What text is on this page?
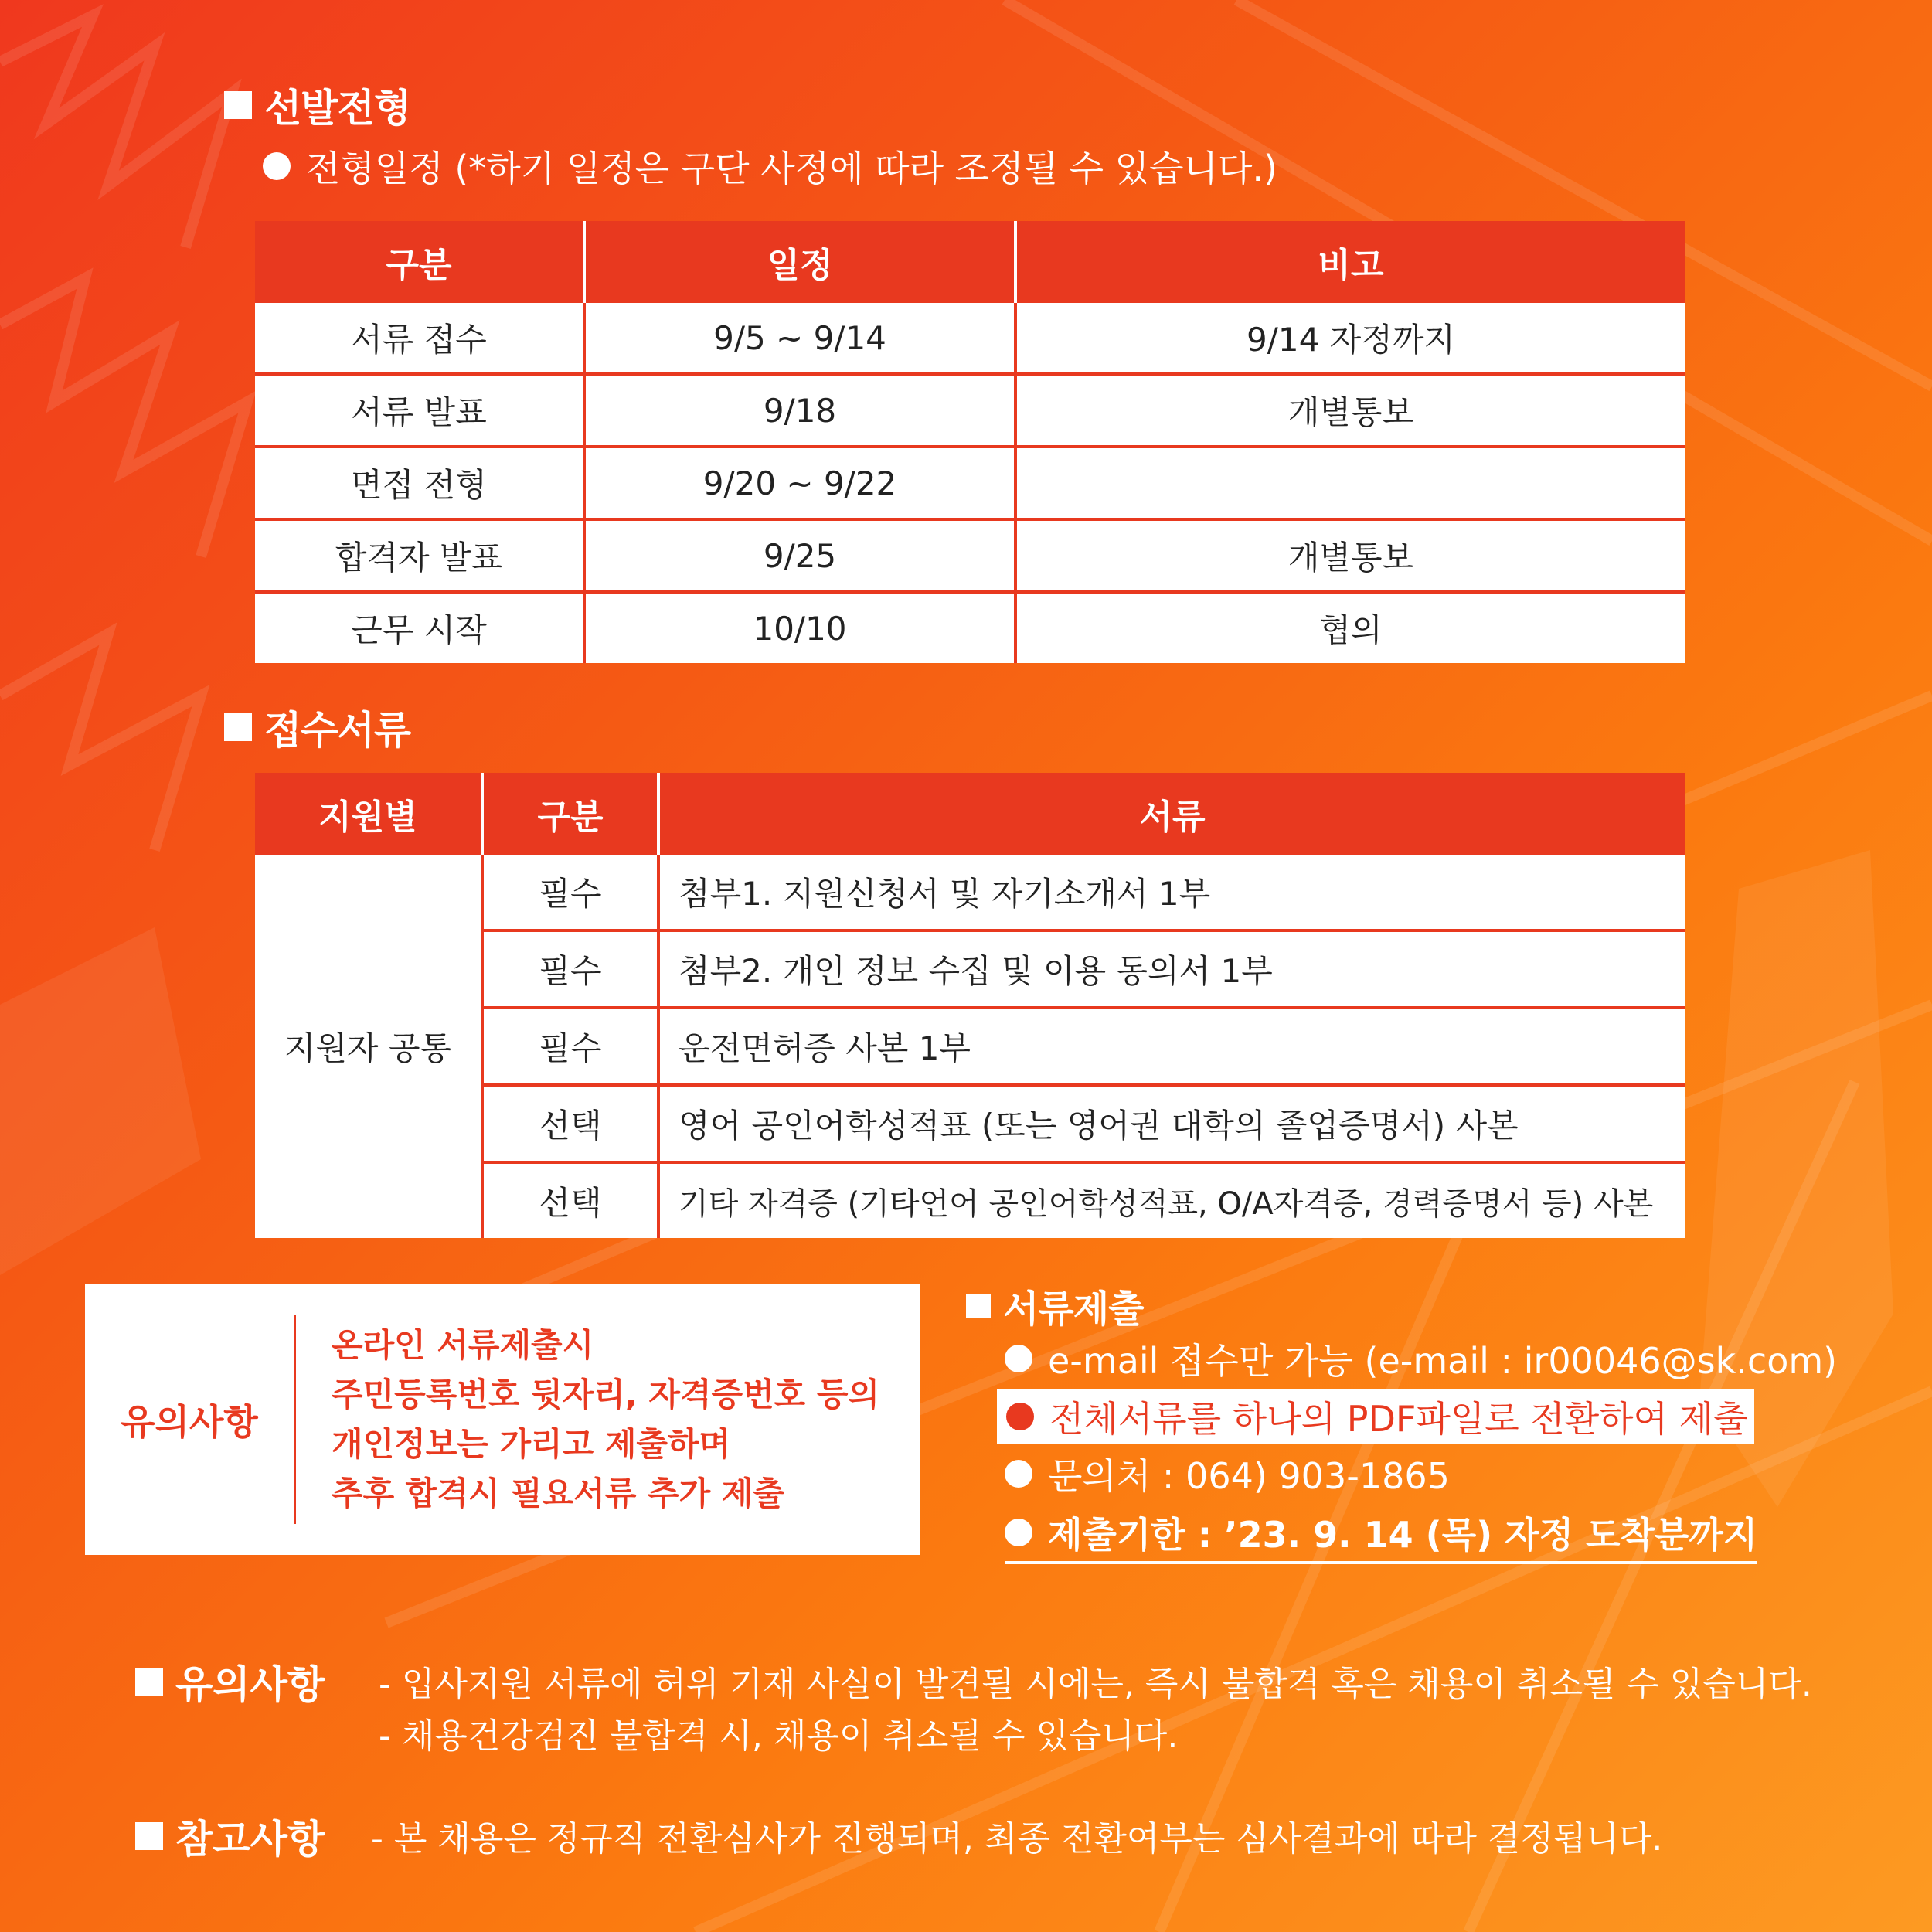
선발전형
전형일정 (*하기 일정은 구단 사정에 따라 조정될 수 있습니다.)
구분	일정	비고
서류 접수	9/5 ~ 9/14	9/14 자정까지
서류 발표	9/18	개별통보
면접 전형	9/20 ~ 9/22	
합격자 발표	9/25	개별통보
근무 시작	10/10	협의
접수서류
지원별	구분	서류
지원자 공통	필수	첨부1. 지원신청서 및 자기소개서 1부
	필수	첨부2. 개인 정보 수집 및 이용 동의서 1부
	필수	운전면허증 사본 1부
	선택	영어 공인어학성적표 (또는 영어권 대학의 졸업증명서) 사본
	선택	기타 자격증 (기타언어 공인어학성적표, O/A자격증, 경력증명서 등) 사본
유의사항
온라인 서류제출시
주민등록번호 뒷자리, 자격증번호 등의
개인정보는 가리고 제출하며
추후 합격시 필요서류 추가 제출
서류제출
e-mail 접수만 가능 (e-mail : ir00046@sk.com)
전체서류를 하나의 PDF파일로 전환하여 제출
문의처 : 064) 903-1865
제출기한 : ’23. 9. 14 (목) 자정 도착분까지
유의사항 - 입사지원 서류에 허위 기재 사실이 발견될 시에는, 즉시 불합격 혹은 채용이 취소될 수 있습니다.
- 채용건강검진 불합격 시, 채용이 취소될 수 있습니다.
참고사항 - 본 채용은 정규직 전환심사가 진행되며, 최종 전환여부는 심사결과에 따라 결정됩니다.
